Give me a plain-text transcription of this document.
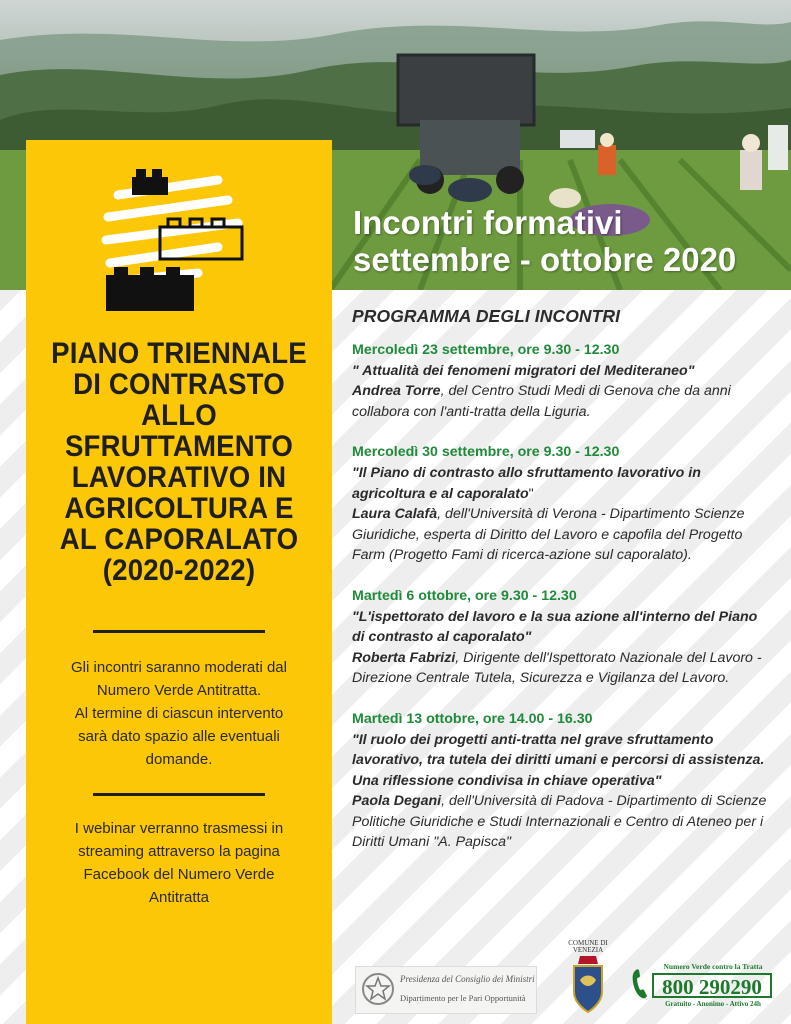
Incontri formativi
settembre - ottobre 2020
PIANO TRIENNALE
DI CONTRASTO
ALLO
SFRUTTAMENTO
LAVORATIVO IN
AGRICOLTURA E
AL CAPORALATO
(2020-2022)
Gli incontri saranno moderati dal
Numero Verde Antitratta.
Al termine di ciascun intervento
sarà dato spazio alle eventuali
domande.
I webinar verranno trasmessi in
streaming attraverso la pagina
Facebook del Numero Verde
Antitratta
PROGRAMMA DEGLI INCONTRI
Mercoledì 23 settembre, ore 9.30 - 12.30
" Attualità dei fenomeni migratori del Mediteraneo"
Andrea Torre, del Centro Studi Medi di Genova che da anni collabora con l'anti-tratta della Liguria.
Mercoledì 30 settembre, ore 9.30 - 12.30
"Il Piano di contrasto allo sfruttamento lavorativo in agricoltura e al caporalato"
Laura Calafà, dell'Università di Verona - Dipartimento Scienze Giuridiche, esperta di Diritto del Lavoro e capofila del Progetto Farm (Progetto Fami di ricerca-azione sul caporalato).
Martedì 6 ottobre, ore 9.30 - 12.30
"L'ispettorato del lavoro e la sua azione all'interno del Piano di contrasto al caporalato"
Roberta Fabrizi, Dirigente dell'Ispettorato Nazionale del Lavoro - Direzione Centrale Tutela, Sicurezza e Vigilanza del Lavoro.
Martedì 13 ottobre, ore 14.00 - 16.30
"Il ruolo dei progetti anti-tratta nel grave sfruttamento lavorativo, tra tutela dei diritti umani e percorsi di assistenza. Una riflessione condivisa in chiave operativa"
Paola Degani, dell'Università di Padova - Dipartimento di Scienze Politiche Giuridiche e Studi Internazionali e Centro di Ateneo per i Diritti Umani "A. Papisca"
Presidenza del Consiglio dei Ministri
Dipartimento per le Pari Opportunità
COMUNE DI
VENEZIA
Numero Verde contro la Tratta
800 290290
Gratuito - Anonimo - Attivo 24h
